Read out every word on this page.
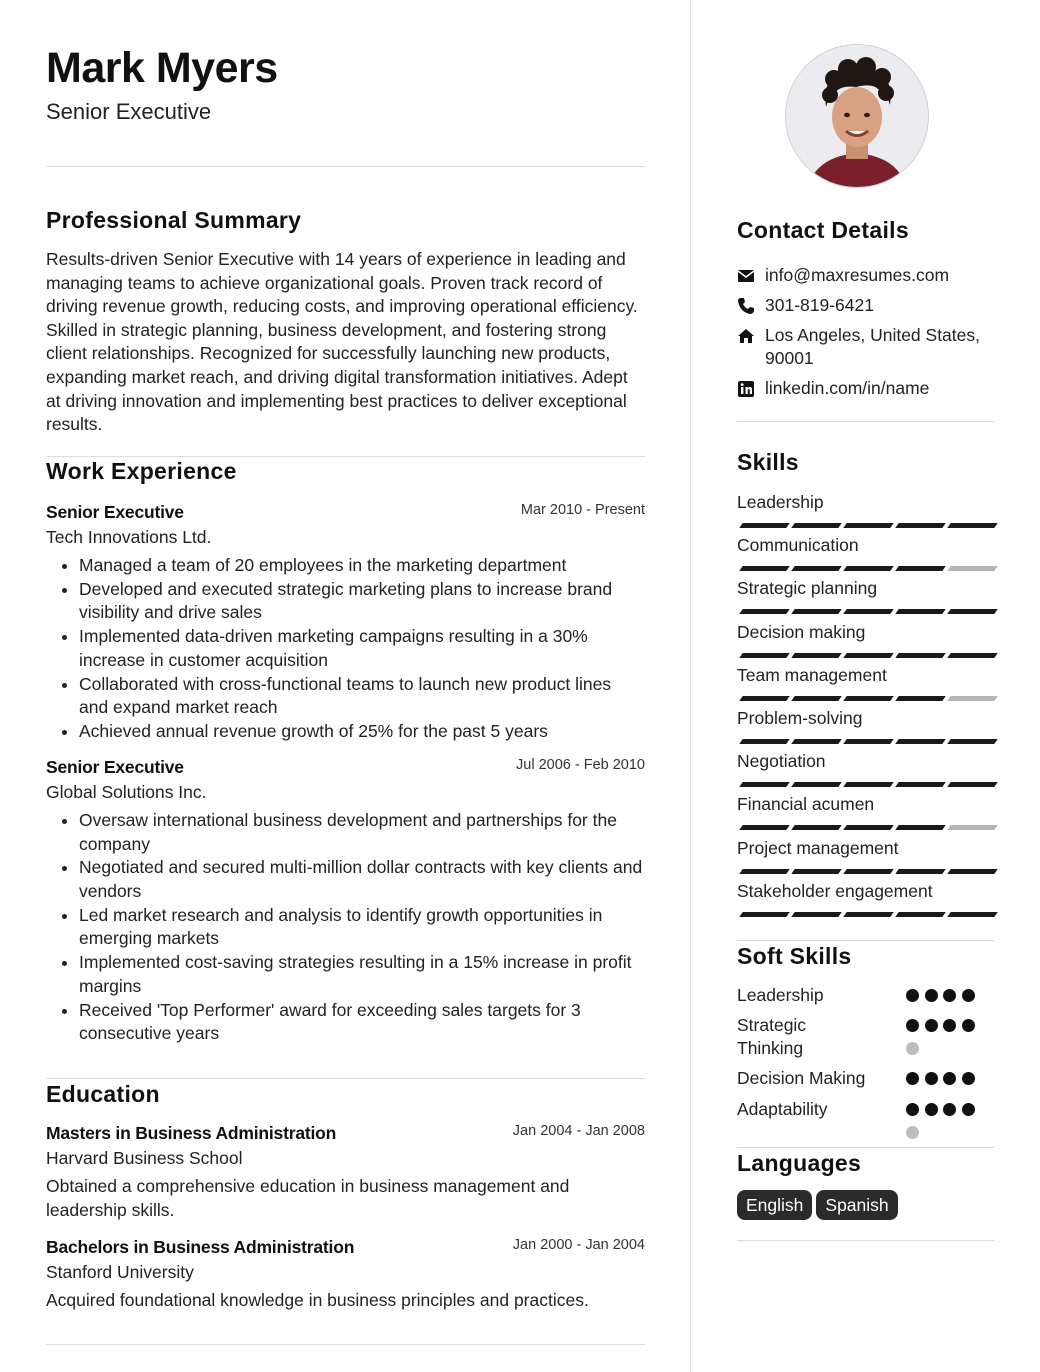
Mark Myers
Senior Executive
Professional Summary

Results-driven Senior Executive with 14 years of experience in leading and managing teams to achieve organizational goals. Proven track record of driving revenue growth, reducing costs, and improving operational efficiency. Skilled in strategic planning, business development, and fostering strong client relationships. Recognized for successfully launching new products, expanding market reach, and driving digital transformation initiatives. Adept at driving innovation and implementing best practices to deliver exceptional results.

Work Experience
Senior Executive	Mar 2010 - Present
Tech Innovations Ltd.
• Managed a team of 20 employees in the marketing department
• Developed and executed strategic marketing plans to increase brand visibility and drive sales
• Implemented data-driven marketing campaigns resulting in a 30% increase in customer acquisition
• Collaborated with cross-functional teams to launch new product lines and expand market reach
• Achieved annual revenue growth of 25% for the past 5 years
Senior Executive	Jul 2006 - Feb 2010
Global Solutions Inc.
• Oversaw international business development and partnerships for the company
• Negotiated and secured multi-million dollar contracts with key clients and vendors
• Led market research and analysis to identify growth opportunities in emerging markets
• Implemented cost-saving strategies resulting in a 15% increase in profit margins
• Received 'Top Performer' award for exceeding sales targets for 3 consecutive years
Education
Masters in Business Administration	Jan 2004 - Jan 2008
Harvard Business School

Obtained a comprehensive education in business management and leadership skills.

Bachelors in Business Administration	Jan 2000 - Jan 2004
Stanford University

Acquired foundational knowledge in business principles and practices.

Contact Details
info@maxresumes.com
301-819-6421
Los Angeles, United States, 90001
linkedin.com/in/name
Skills
Leadership
Communication
Strategic planning
Decision making
Team management
Problem-solving
Negotiation
Financial acumen
Project management
Stakeholder engagement
Soft Skills
Leadership
Strategic Thinking
Decision Making
Adaptability
Languages
English Spanish
